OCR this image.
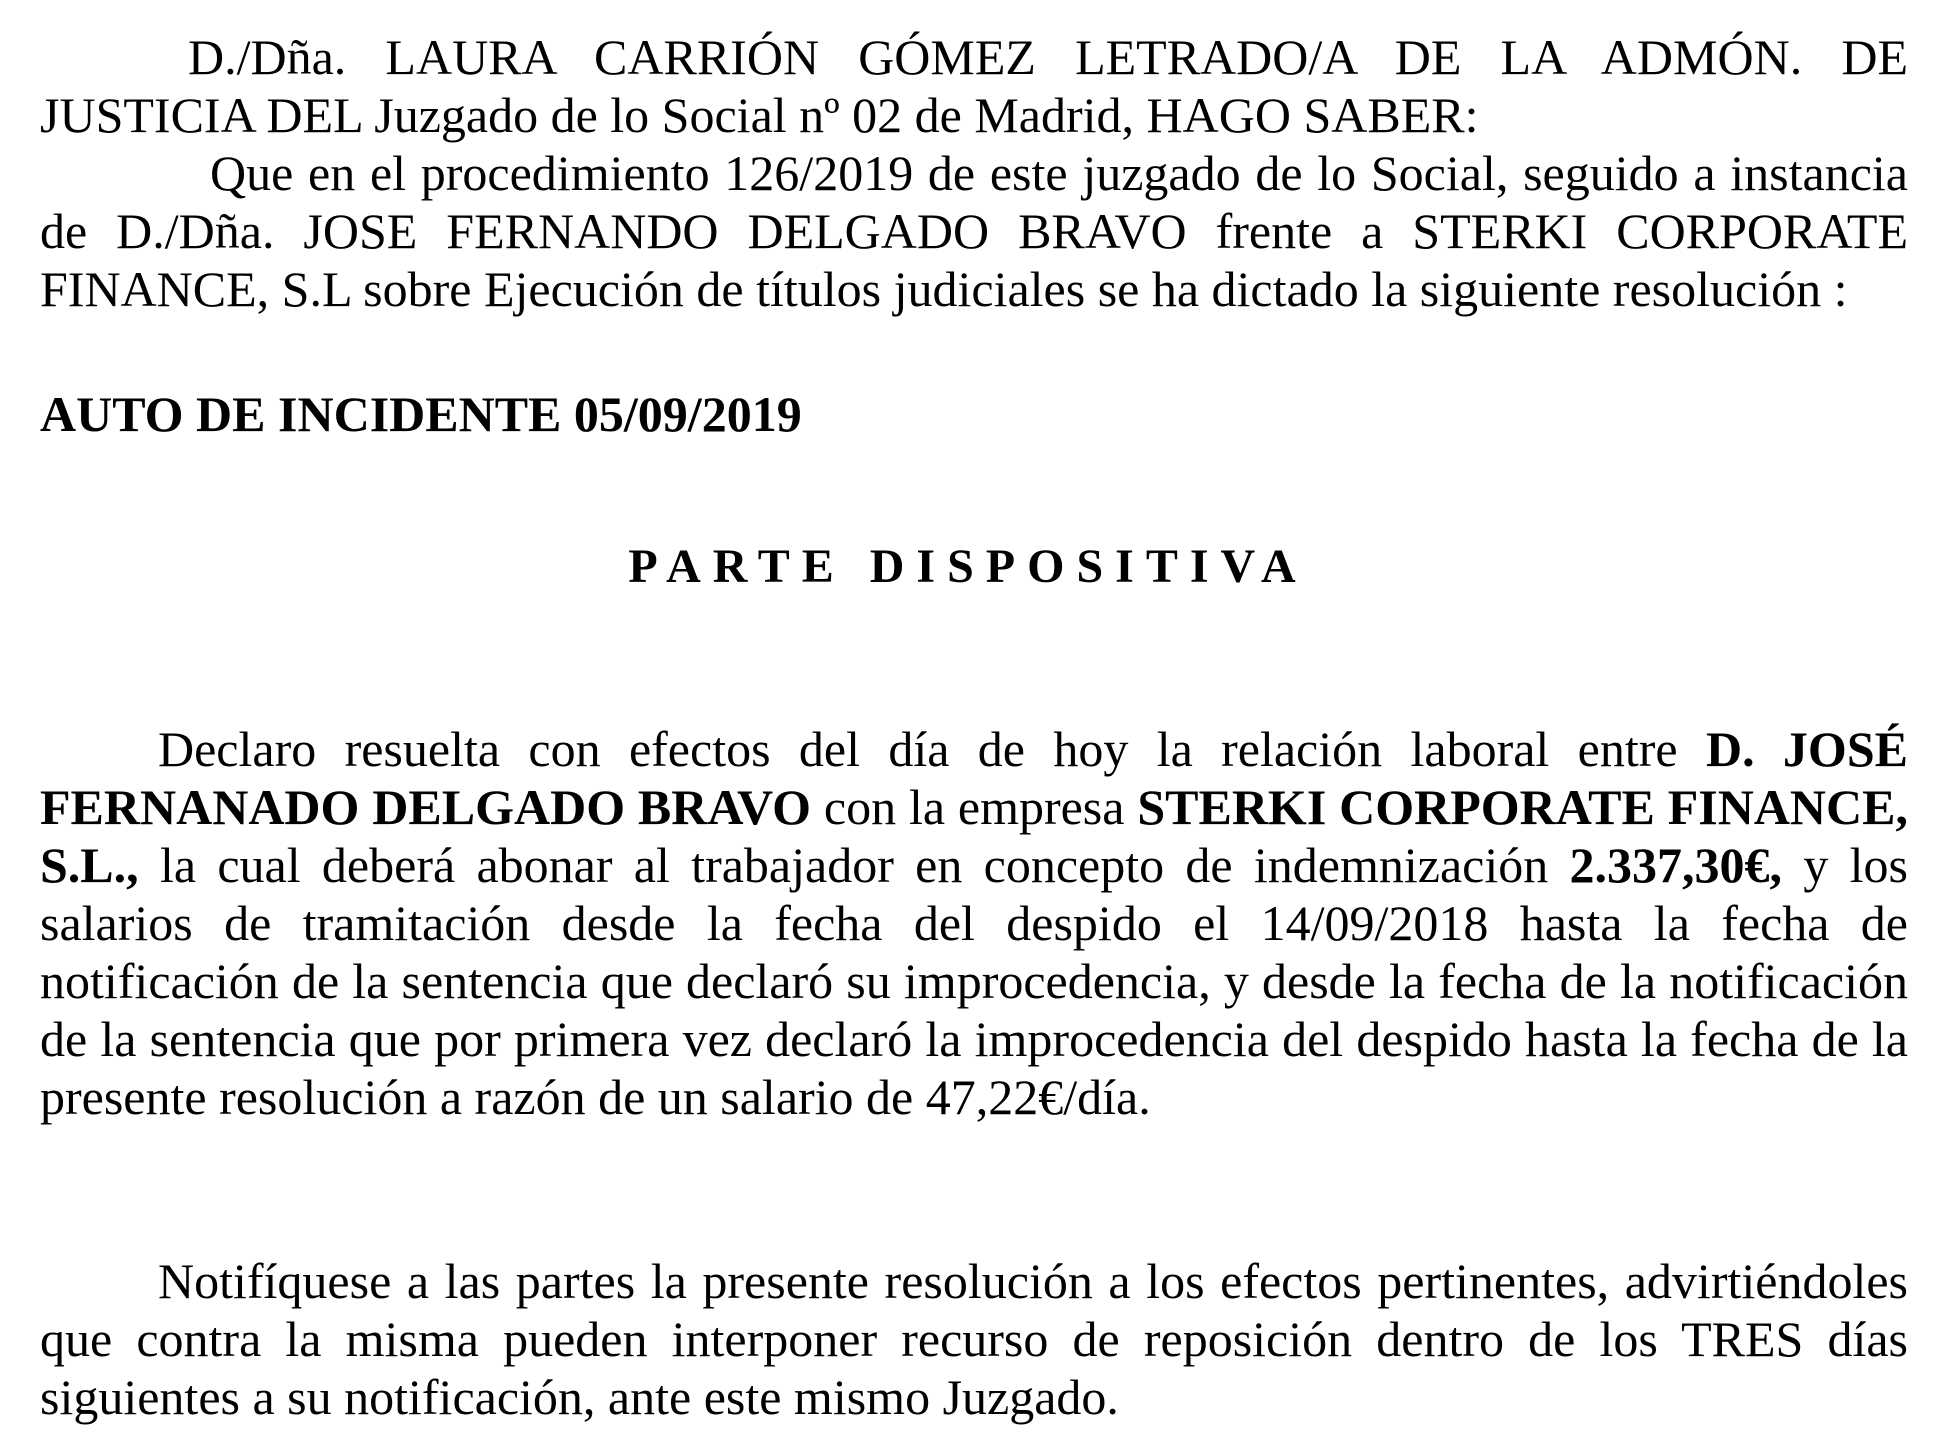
D./Dña. LAURA CARRIÓN GÓMEZ LETRADO/A DE LA ADMÓN. DE JUSTICIA DEL Juzgado de lo Social nº 02 de Madrid, HAGO SABER:
Que en el procedimiento 126/2019 de este juzgado de lo Social, seguido a instancia de D./Dña. JOSE FERNANDO DELGADO BRAVO frente a STERKI CORPORATE FINANCE, S.L sobre Ejecución de títulos judiciales se ha dictado la siguiente resolución :
AUTO DE INCIDENTE 05/09/2019
PARTE DISPOSITIVA
Declaro resuelta con efectos del día de hoy la relación laboral entre D. JOSÉ FERNANADO DELGADO BRAVO con la empresa STERKI CORPORATE FINANCE, S.L., la cual deberá abonar al trabajador en concepto de indemnización 2.337,30€, y los salarios de tramitación desde la fecha del despido el 14/09/2018 hasta la fecha de notificación de la sentencia que declaró su improcedencia, y desde la fecha de la notificación de la sentencia que por primera vez declaró la improcedencia del despido hasta la fecha de la presente resolución a razón de un salario de 47,22€/día.
Notifíquese a las partes la presente resolución a los efectos pertinentes, advirtiéndoles que contra la misma pueden interponer recurso de reposición dentro de los TRES días siguientes a su notificación, ante este mismo Juzgado.
